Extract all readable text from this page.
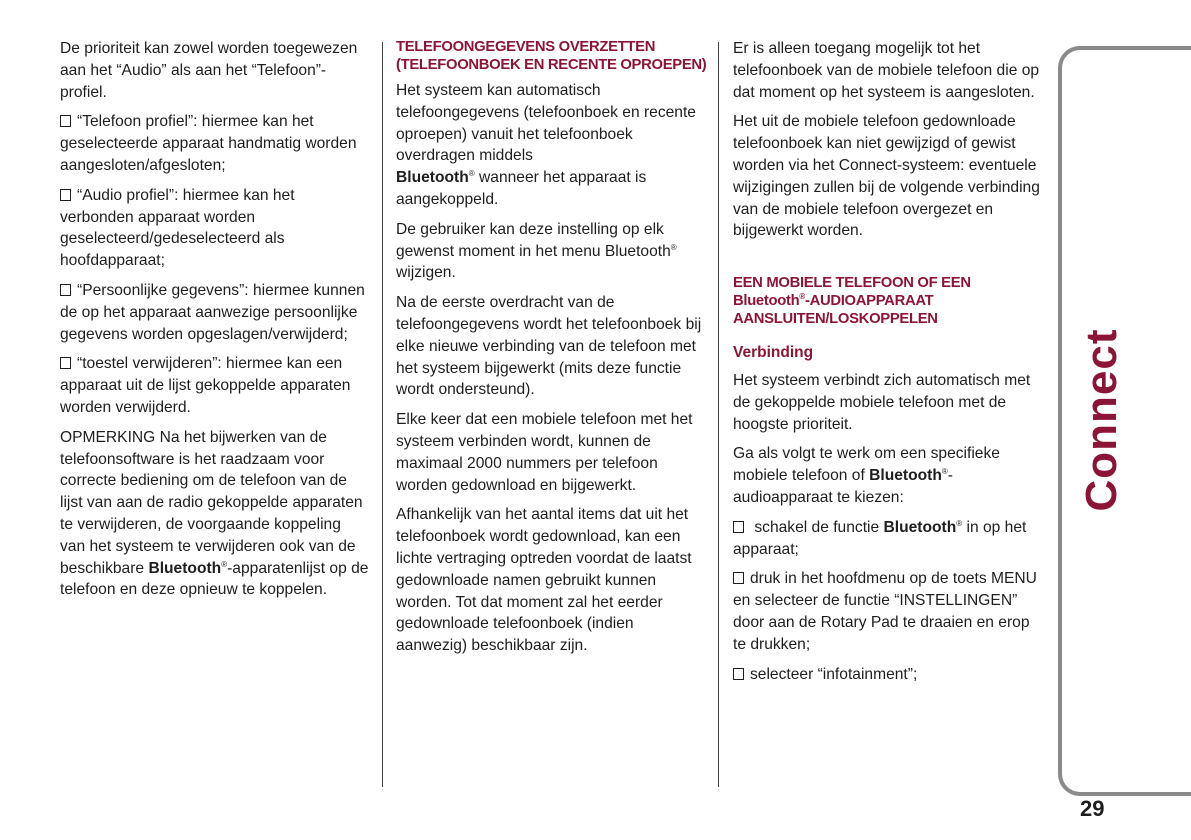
De prioriteit kan zowel worden toegewezen aan het “Audio” als aan het “Telefoon”-profiel.

“Telefoon profiel”: hiermee kan het geselecteerde apparaat handmatig worden aangesloten/afgesloten;

“Audio profiel”: hiermee kan het verbonden apparaat worden geselecteerd/gedeselecteerd als hoofdapparaat;

“Persoonlijke gegevens”: hiermee kunnen de op het apparaat aanwezige persoonlijke gegevens worden opgeslagen/verwijderd;

“toestel verwijderen”: hiermee kan een apparaat uit de lijst gekoppelde apparaten worden verwijderd.

OPMERKING Na het bijwerken van de telefoonsoftware is het raadzaam voor correcte bediening om de telefoon van de lijst van aan de radio gekoppelde apparaten te verwijderen, de voorgaande koppeling van het systeem te verwijderen ook van de beschikbare Bluetooth®-apparatenlijst op de telefoon en deze opnieuw te koppelen.

TELEFOONGEGEVENS OVERZETTEN (TELEFOONBOEK EN RECENTE OPROEPEN)

Het systeem kan automatisch telefoongegevens (telefoonboek en recente oproepen) vanuit het telefoonboek overdragen middels
Bluetooth® wanneer het apparaat is aangekoppeld.

De gebruiker kan deze instelling op elk gewenst moment in het menu Bluetooth® wijzigen.

Na de eerste overdracht van de telefoongegevens wordt het telefoonboek bij elke nieuwe verbinding van de telefoon met het systeem bijgewerkt (mits deze functie wordt ondersteund).

Elke keer dat een mobiele telefoon met het systeem verbinden wordt, kunnen de maximaal 2000 nummers per telefoon worden gedownload en bijgewerkt.

Afhankelijk van het aantal items dat uit het telefoonboek wordt gedownload, kan een lichte vertraging optreden voordat de laatst gedownloade namen gebruikt kunnen worden. Tot dat moment zal het eerder gedownloade telefoonboek (indien aanwezig) beschikbaar zijn.

Er is alleen toegang mogelijk tot het telefoonboek van de mobiele telefoon die op dat moment op het systeem is aangesloten.

Het uit de mobiele telefoon gedownloade telefoonboek kan niet gewijzigd of gewist worden via het Connect-systeem: eventuele wijzigingen zullen bij de volgende verbinding van de mobiele telefoon overgezet en bijgewerkt worden.

EEN MOBIELE TELEFOON OF EEN
Bluetooth®-AUDIOAPPARAAT AANSLUITEN/LOSKOPPELEN
Verbinding

Het systeem verbindt zich automatisch met de gekoppelde mobiele telefoon met de hoogste prioriteit.

Ga als volgt te werk om een specifieke mobiele telefoon of Bluetooth®-audioapparaat te kiezen:

schakel de functie Bluetooth® in op het apparaat;

druk in het hoofdmenu op de toets MENU en selecteer de functie “INSTELLINGEN” door aan de Rotary Pad te draaien en erop te drukken;

selecteer “infotainment”;

Connect
29
